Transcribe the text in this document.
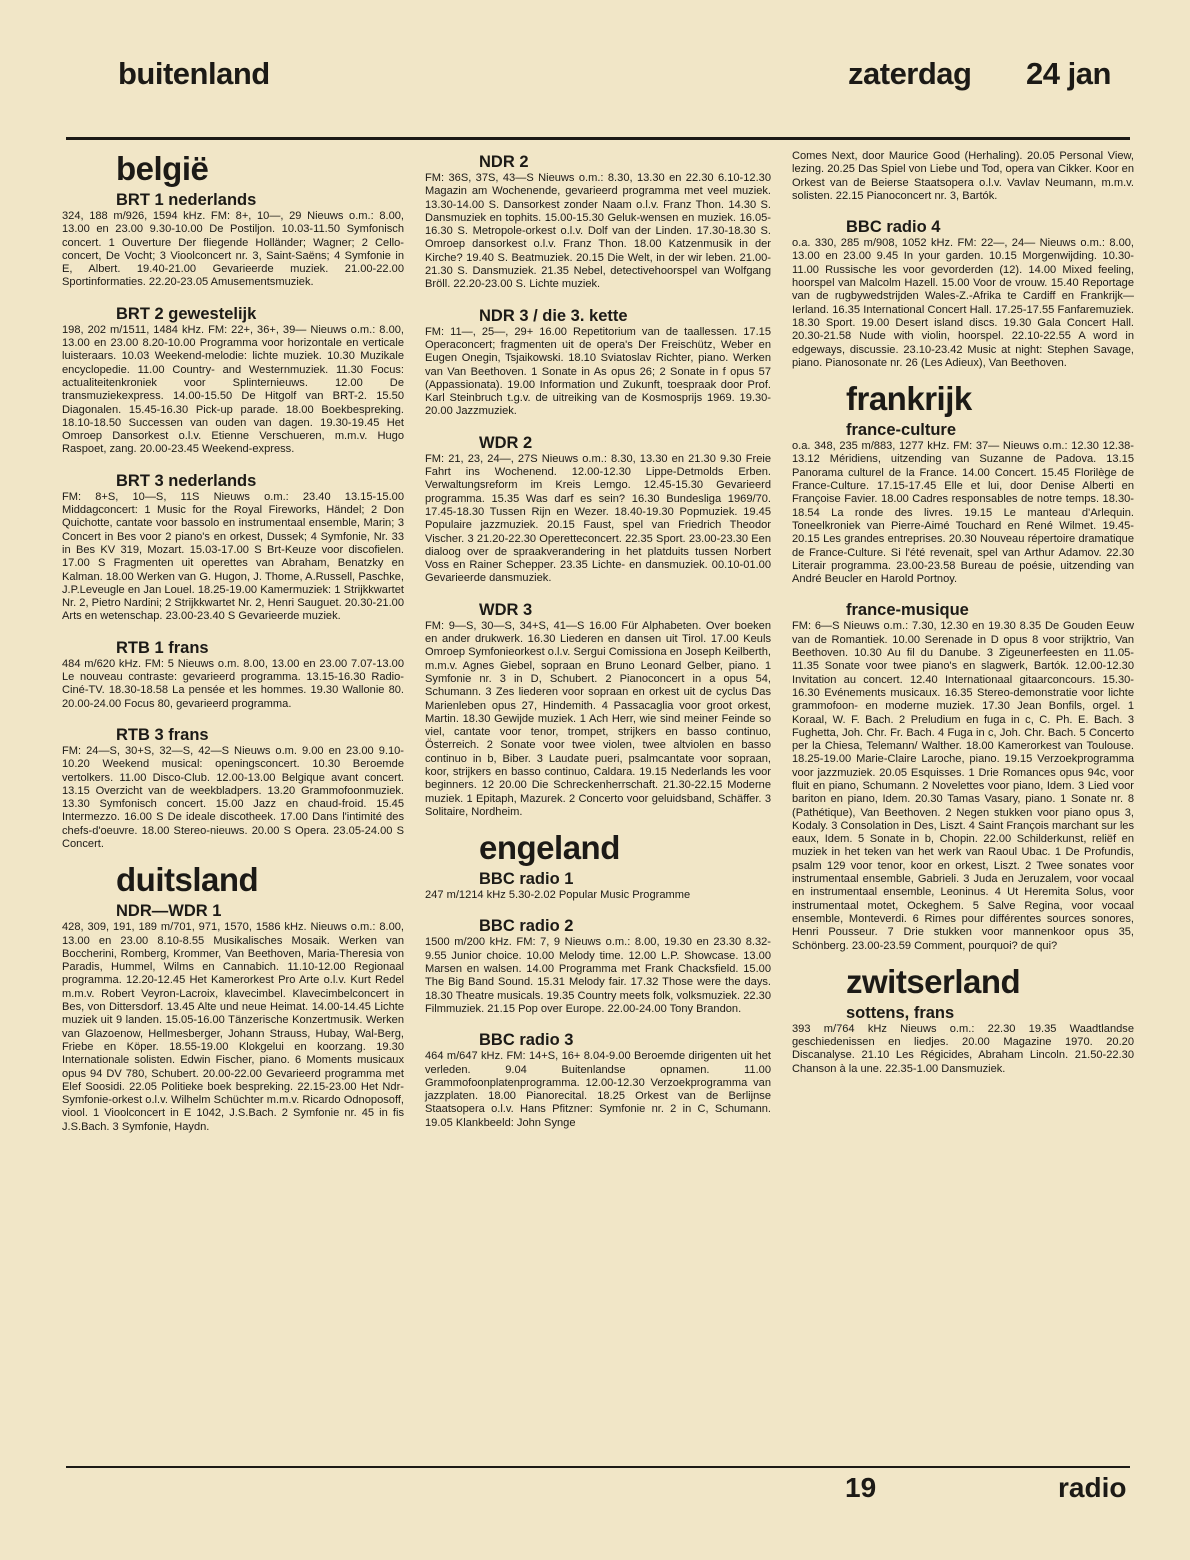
buitenland	zaterdag 24 jan
belgië
BRT 1 nederlands
324, 188 m/926, 1594 kHz. FM: 8+, 10—, 29 Nieuws o.m.: 8.00, 13.00 en 23.00 9.30-10.00 De Postiljon. 10.03-11.50 Symfonisch concert. 1 Ouverture Der fliegende Holländer; Wagner; 2 Cello-concert, De Vocht; 3 Vioolconcert nr. 3, Saint-Saëns; 4 Symfonie in E, Albert. 19.40-21.00 Gevarieerde muziek. 21.00-22.00 Sportinformaties. 22.20-23.05 Amusementsmuziek.
BRT 2 gewestelijk
198, 202 m/1511, 1484 kHz. FM: 22+, 36+, 39— Nieuws o.m.: 8.00, 13.00 en 23.00 8.20-10.00 Programma voor horizontale en verticale luisteraars. 10.03 Weekend-melodie: lichte muziek. 10.30 Muzikale encyclopedie. 11.00 Country- and Westernmuziek. 11.30 Focus: actualiteitenkroniek voor Splinternieuws. 12.00 De transmuziekexpress. 14.00-15.50 De Hitgolf van BRT-2. 15.50 Diagonalen. 15.45-16.30 Pick-up parade. 18.00 Boekbespreking. 18.10-18.50 Successen van ouden van dagen. 19.30-19.45 Het Omroep Dansorkest o.l.v. Etienne Verschueren, m.m.v. Hugo Raspoet, zang. 20.00-23.45 Weekend-express.
BRT 3 nederlands
FM: 8+S, 10—S, 11S Nieuws o.m.: 23.40 13.15-15.00 Middagconcert: 1 Music for the Royal Fireworks, Händel; 2 Don Quichotte, cantate voor bassolo en instrumentaal ensemble, Marin; 3 Concert in Bes voor 2 piano's en orkest, Dussek; 4 Symfonie, Nr. 33 in Bes KV 319, Mozart. 15.03-17.00 S Brt-Keuze voor discofielen. 17.00 S Fragmenten uit operettes van Abraham, Benatzky en Kalman. 18.00 Werken van G. Hugon, J. Thome, A.Russell, Paschke, J.P.Leveugle en Jan Louel. 18.25-19.00 Kamermuziek: 1 Strijkkwartet Nr. 2, Pietro Nardini; 2 Strijkkwartet Nr. 2, Henri Sauguet. 20.30-21.00 Arts en wetenschap. 23.00-23.40 S Gevarieerde muziek.
RTB 1 frans
484 m/620 kHz. FM: 5 Nieuws o.m. 8.00, 13.00 en 23.00 7.07-13.00 Le nouveau contraste: gevarieerd programma. 13.15-16.30 Radio-Ciné-TV. 18.30-18.58 La pensée et les hommes. 19.30 Wallonie 80. 20.00-24.00 Focus 80, gevarieerd programma.
RTB 3 frans
FM: 24—S, 30+S, 32—S, 42—S Nieuws o.m. 9.00 en 23.00 9.10-10.20 Weekend musical: openingsconcert. 10.30 Beroemde vertolkers. 11.00 Disco-Club. 12.00-13.00 Belgique avant concert. 13.15 Overzicht van de weekbladpers. 13.20 Grammofoonmuziek. 13.30 Symfonisch concert. 15.00 Jazz en chaud-froid. 15.45 Intermezzo. 16.00 S De ideale discotheek. 17.00 Dans l'intimité des chefs-d'oeuvre. 18.00 Stereo-nieuws. 20.00 S Opera. 23.05-24.00 S Concert.
duitsland
NDR—WDR 1
428, 309, 191, 189 m/701, 971, 1570, 1586 kHz. Nieuws o.m.: 8.00, 13.00 en 23.00 8.10-8.55 Musikalisches Mosaik. Werken van Boccherini, Romberg, Krommer, Van Beethoven, Maria-Theresia von Paradis, Hummel, Wilms en Cannabich. 11.10-12.00 Regionaal programma. 12.20-12.45 Het Kamerorkest Pro Arte o.l.v. Kurt Redel m.m.v. Robert Veyron-Lacroix, klavecimbel. Klavecimbelconcert in Bes, von Dittersdorf. 13.45 Alte und neue Heimat. 14.00-14.45 Lichte muziek uit 9 landen. 15.05-16.00 Tänzerische Konzertmusik. Werken van Glazoenow, Hellmesberger, Johann Strauss, Hubay, Wal-Berg, Friebe en Köper. 18.55-19.00 Klokgelui en koorzang. 19.30 Internationale solisten. Edwin Fischer, piano. 6 Moments musicaux opus 94 DV 780, Schubert. 20.00-22.00 Gevarieerd programma met Elef Soosidi. 22.05 Politieke boek bespreking. 22.15-23.00 Het Ndr-Symfonie-orkest o.l.v. Wilhelm Schüchter m.m.v. Ricardo Odnoposoff, viool. 1 Vioolconcert in E 1042, J.S.Bach. 2 Symfonie nr. 45 in fis J.S.Bach. 3 Symfonie, Haydn.
NDR 2
FM: 36S, 37S, 43—S Nieuws o.m.: 8.30, 13.30 en 22.30 6.10-12.30 Magazin am Wochenende, gevarieerd programma met veel muziek. 13.30-14.00 S. Dansorkest zonder Naam o.l.v. Franz Thon. 14.30 S. Dansmuziek en tophits. 15.00-15.30 Geluk-wensen en muziek. 16.05-16.30 S. Metropole-orkest o.l.v. Dolf van der Linden. 17.30-18.30 S. Omroep dansorkest o.l.v. Franz Thon. 18.00 Katzenmusik in der Kirche? 19.40 S. Beatmuziek. 20.15 Die Welt, in der wir leben. 21.00-21.30 S. Dansmuziek. 21.35 Nebel, detectivehoorspel van Wolfgang Bröll. 22.20-23.00 S. Lichte muziek.
NDR 3 / die 3. kette
FM: 11—, 25—, 29+ 16.00 Repetitorium van de taallessen. 17.15 Operaconcert; fragmenten uit de opera's Der Freischütz, Weber en Eugen Onegin, Tsjaikowski. 18.10 Sviatoslav Richter, piano. Werken van Van Beethoven. 1 Sonate in As opus 26; 2 Sonate in f opus 57 (Appassionata). 19.00 Information und Zukunft, toespraak door Prof. Karl Steinbruch t.g.v. de uitreiking van de Kosmosprijs 1969. 19.30-20.00 Jazzmuziek.
WDR 2
FM: 21, 23, 24—, 27S Nieuws o.m.: 8.30, 13.30 en 21.30 9.30 Freie Fahrt ins Wochenend. 12.00-12.30 Lippe-Detmolds Erben. Verwaltungsreform im Kreis Lemgo. 12.45-15.30 Gevarieerd programma. 15.35 Was darf es sein? 16.30 Bundesliga 1969/70. 17.45-18.30 Tussen Rijn en Wezer. 18.40-19.30 Popmuziek. 19.45 Populaire jazzmuziek. 20.15 Faust, spel van Friedrich Theodor Vischer. 3 21.20-22.30 Operetteconcert. 22.35 Sport. 23.00-23.30 Een dialoog over de spraakverandering in het platduits tussen Norbert Voss en Rainer Schepper. 23.35 Lichte- en dansmuziek. 00.10-01.00 Gevarieerde dansmuziek.
WDR 3
FM: 9—S, 30—S, 34+S, 41—S 16.00 Für Alphabeten. Over boeken en ander drukwerk. 16.30 Liederen en dansen uit Tirol. 17.00 Keuls Omroep Symfonieorkest o.l.v. Sergui Comissiona en Joseph Keilberth, m.m.v. Agnes Giebel, sopraan en Bruno Leonard Gelber, piano. 1 Symfonie nr. 3 in D, Schubert. 2 Pianoconcert in a opus 54, Schumann. 3 Zes liederen voor sopraan en orkest uit de cyclus Das Marienleben opus 27, Hindemith. 4 Passacaglia voor groot orkest, Martin. 18.30 Gewijde muziek. 1 Ach Herr, wie sind meiner Feinde so viel, cantate voor tenor, trompet, strijkers en basso continuo, Österreich. 2 Sonate voor twee violen, twee altviolen en basso continuo in b, Biber. 3 Laudate pueri, psalmcantate voor sopraan, koor, strijkers en basso continuo, Caldara. 19.15 Nederlands les voor beginners. 12 20.00 Die Schreckenherrschaft. 21.30-22.15 Moderne muziek. 1 Epitaph, Mazurek. 2 Concerto voor geluidsband, Schäffer. 3 Solitaire, Nordheim.
engeland
BBC radio 1
247 m/1214 kHz 5.30-2.02 Popular Music Programme
BBC radio 2
1500 m/200 kHz. FM: 7, 9 Nieuws o.m.: 8.00, 19.30 en 23.30 8.32-9.55 Junior choice. 10.00 Melody time. 12.00 L.P. Showcase. 13.00 Marsen en walsen. 14.00 Programma met Frank Chacksfield. 15.00 The Big Band Sound. 15.31 Melody fair. 17.32 Those were the days. 18.30 Theatre musicals. 19.35 Country meets folk, volksmuziek. 22.30 Filmmuziek. 21.15 Pop over Europe. 22.00-24.00 Tony Brandon.
BBC radio 3
464 m/647 kHz. FM: 14+S, 16+ 8.04-9.00 Beroemde dirigenten uit het verleden. 9.04 Buitenlandse opnamen. 11.00 Grammofoonplatenprogramma. 12.00-12.30 Verzoekprogramma van jazzplaten. 18.00 Pianorecital. 18.25 Orkest van de Berlijnse Staatsopera o.l.v. Hans Pfitzner: Symfonie nr. 2 in C, Schumann. 19.05 Klankbeeld: John Synge
Comes Next, door Maurice Good (Herhaling). 20.05 Personal View, lezing. 20.25 Das Spiel von Liebe und Tod, opera van Cikker. Koor en Orkest van de Beierse Staatsopera o.l.v. Vavlav Neumann, m.m.v. solisten. 22.15 Pianoconcert nr. 3, Bartók.
BBC radio 4
o.a. 330, 285 m/908, 1052 kHz. FM: 22—, 24— Nieuws o.m.: 8.00, 13.00 en 23.00 9.45 In your garden. 10.15 Morgenwijding. 10.30-11.00 Russische les voor gevorderden (12). 14.00 Mixed feeling, hoorspel van Malcolm Hazell. 15.00 Voor de vrouw. 15.40 Reportage van de rugbywedstrijden Wales-Z.-Afrika te Cardiff en Frankrijk—Ierland. 16.35 International Concert Hall. 17.25-17.55 Fanfaremuziek. 18.30 Sport. 19.00 Desert island discs. 19.30 Gala Concert Hall. 20.30-21.58 Nude with violin, hoorspel. 22.10-22.55 A word in edgeways, discussie. 23.10-23.42 Music at night: Stephen Savage, piano. Pianosonate nr. 26 (Les Adieux), Van Beethoven.
frankrijk
france-culture
o.a. 348, 235 m/883, 1277 kHz. FM: 37— Nieuws o.m.: 12.30 12.38-13.12 Méridiens, uitzending van Suzanne de Padova. 13.15 Panorama culturel de la France. 14.00 Concert. 15.45 Florilège de France-Culture. 17.15-17.45 Elle et lui, door Denise Alberti en Françoise Favier. 18.00 Cadres responsables de notre temps. 18.30-18.54 La ronde des livres. 19.15 Le manteau d'Arlequin. Toneelkroniek van Pierre-Aimé Touchard en René Wilmet. 19.45-20.15 Les grandes entreprises. 20.30 Nouveau répertoire dramatique de France-Culture. Si l'été revenait, spel van Arthur Adamov. 22.30 Literair programma. 23.00-23.58 Bureau de poésie, uitzending van André Beucler en Harold Portnoy.
france-musique
FM: 6—S Nieuws o.m.: 7.30, 12.30 en 19.30 8.35 De Gouden Eeuw van de Romantiek. 10.00 Serenade in D opus 8 voor strijktrio, Van Beethoven. 10.30 Au fil du Danube. 3 Zigeunerfeesten en 11.05-11.35 Sonate voor twee piano's en slagwerk, Bartók. 12.00-12.30 Invitation au concert. 12.40 Internationaal gitaarconcours. 15.30-16.30 Evénements musicaux. 16.35 Stereo-demonstratie voor lichte grammofoon- en moderne muziek. 17.30 Jean Bonfils, orgel. 1 Koraal, W. F. Bach. 2 Preludium en fuga in c, C. Ph. E. Bach. 3 Fughetta, Joh. Chr. Fr. Bach. 4 Fuga in c, Joh. Chr. Bach. 5 Concerto per la Chiesa, Telemann/ Walther. 18.00 Kamerorkest van Toulouse. 18.25-19.00 Marie-Claire Laroche, piano. 19.15 Verzoekprogramma voor jazzmuziek. 20.05 Esquisses. 1 Drie Romances opus 94c, voor fluit en piano, Schumann. 2 Novelettes voor piano, Idem. 3 Lied voor bariton en piano, Idem. 20.30 Tamas Vasary, piano. 1 Sonate nr. 8 (Pathétique), Van Beethoven. 2 Negen stukken voor piano opus 3, Kodaly. 3 Consolation in Des, Liszt. 4 Saint François marchant sur les eaux, Idem. 5 Sonate in b, Chopin. 22.00 Schilderkunst, reliëf en muziek in het teken van het werk van Raoul Ubac. 1 De Profundis, psalm 129 voor tenor, koor en orkest, Liszt. 2 Twee sonates voor instrumentaal ensemble, Gabrieli. 3 Juda en Jeruzalem, voor vocaal en instrumentaal ensemble, Leoninus. 4 Ut Heremita Solus, voor instrumentaal motet, Ockeghem. 5 Salve Regina, voor vocaal ensemble, Monteverdi. 6 Rimes pour différentes sources sonores, Henri Pousseur. 7 Drie stukken voor mannenkoor opus 35, Schönberg. 23.00-23.59 Comment, pourquoi? de qui?
zwitserland
sottens, frans
393 m/764 kHz Nieuws o.m.: 22.30 19.35 Waadtlandse geschiedenissen en liedjes. 20.00 Magazine 1970. 20.20 Discanalyse. 21.10 Les Régicides, Abraham Lincoln. 21.50-22.30 Chanson à la une. 22.35-1.00 Dansmuziek.
19	radio
